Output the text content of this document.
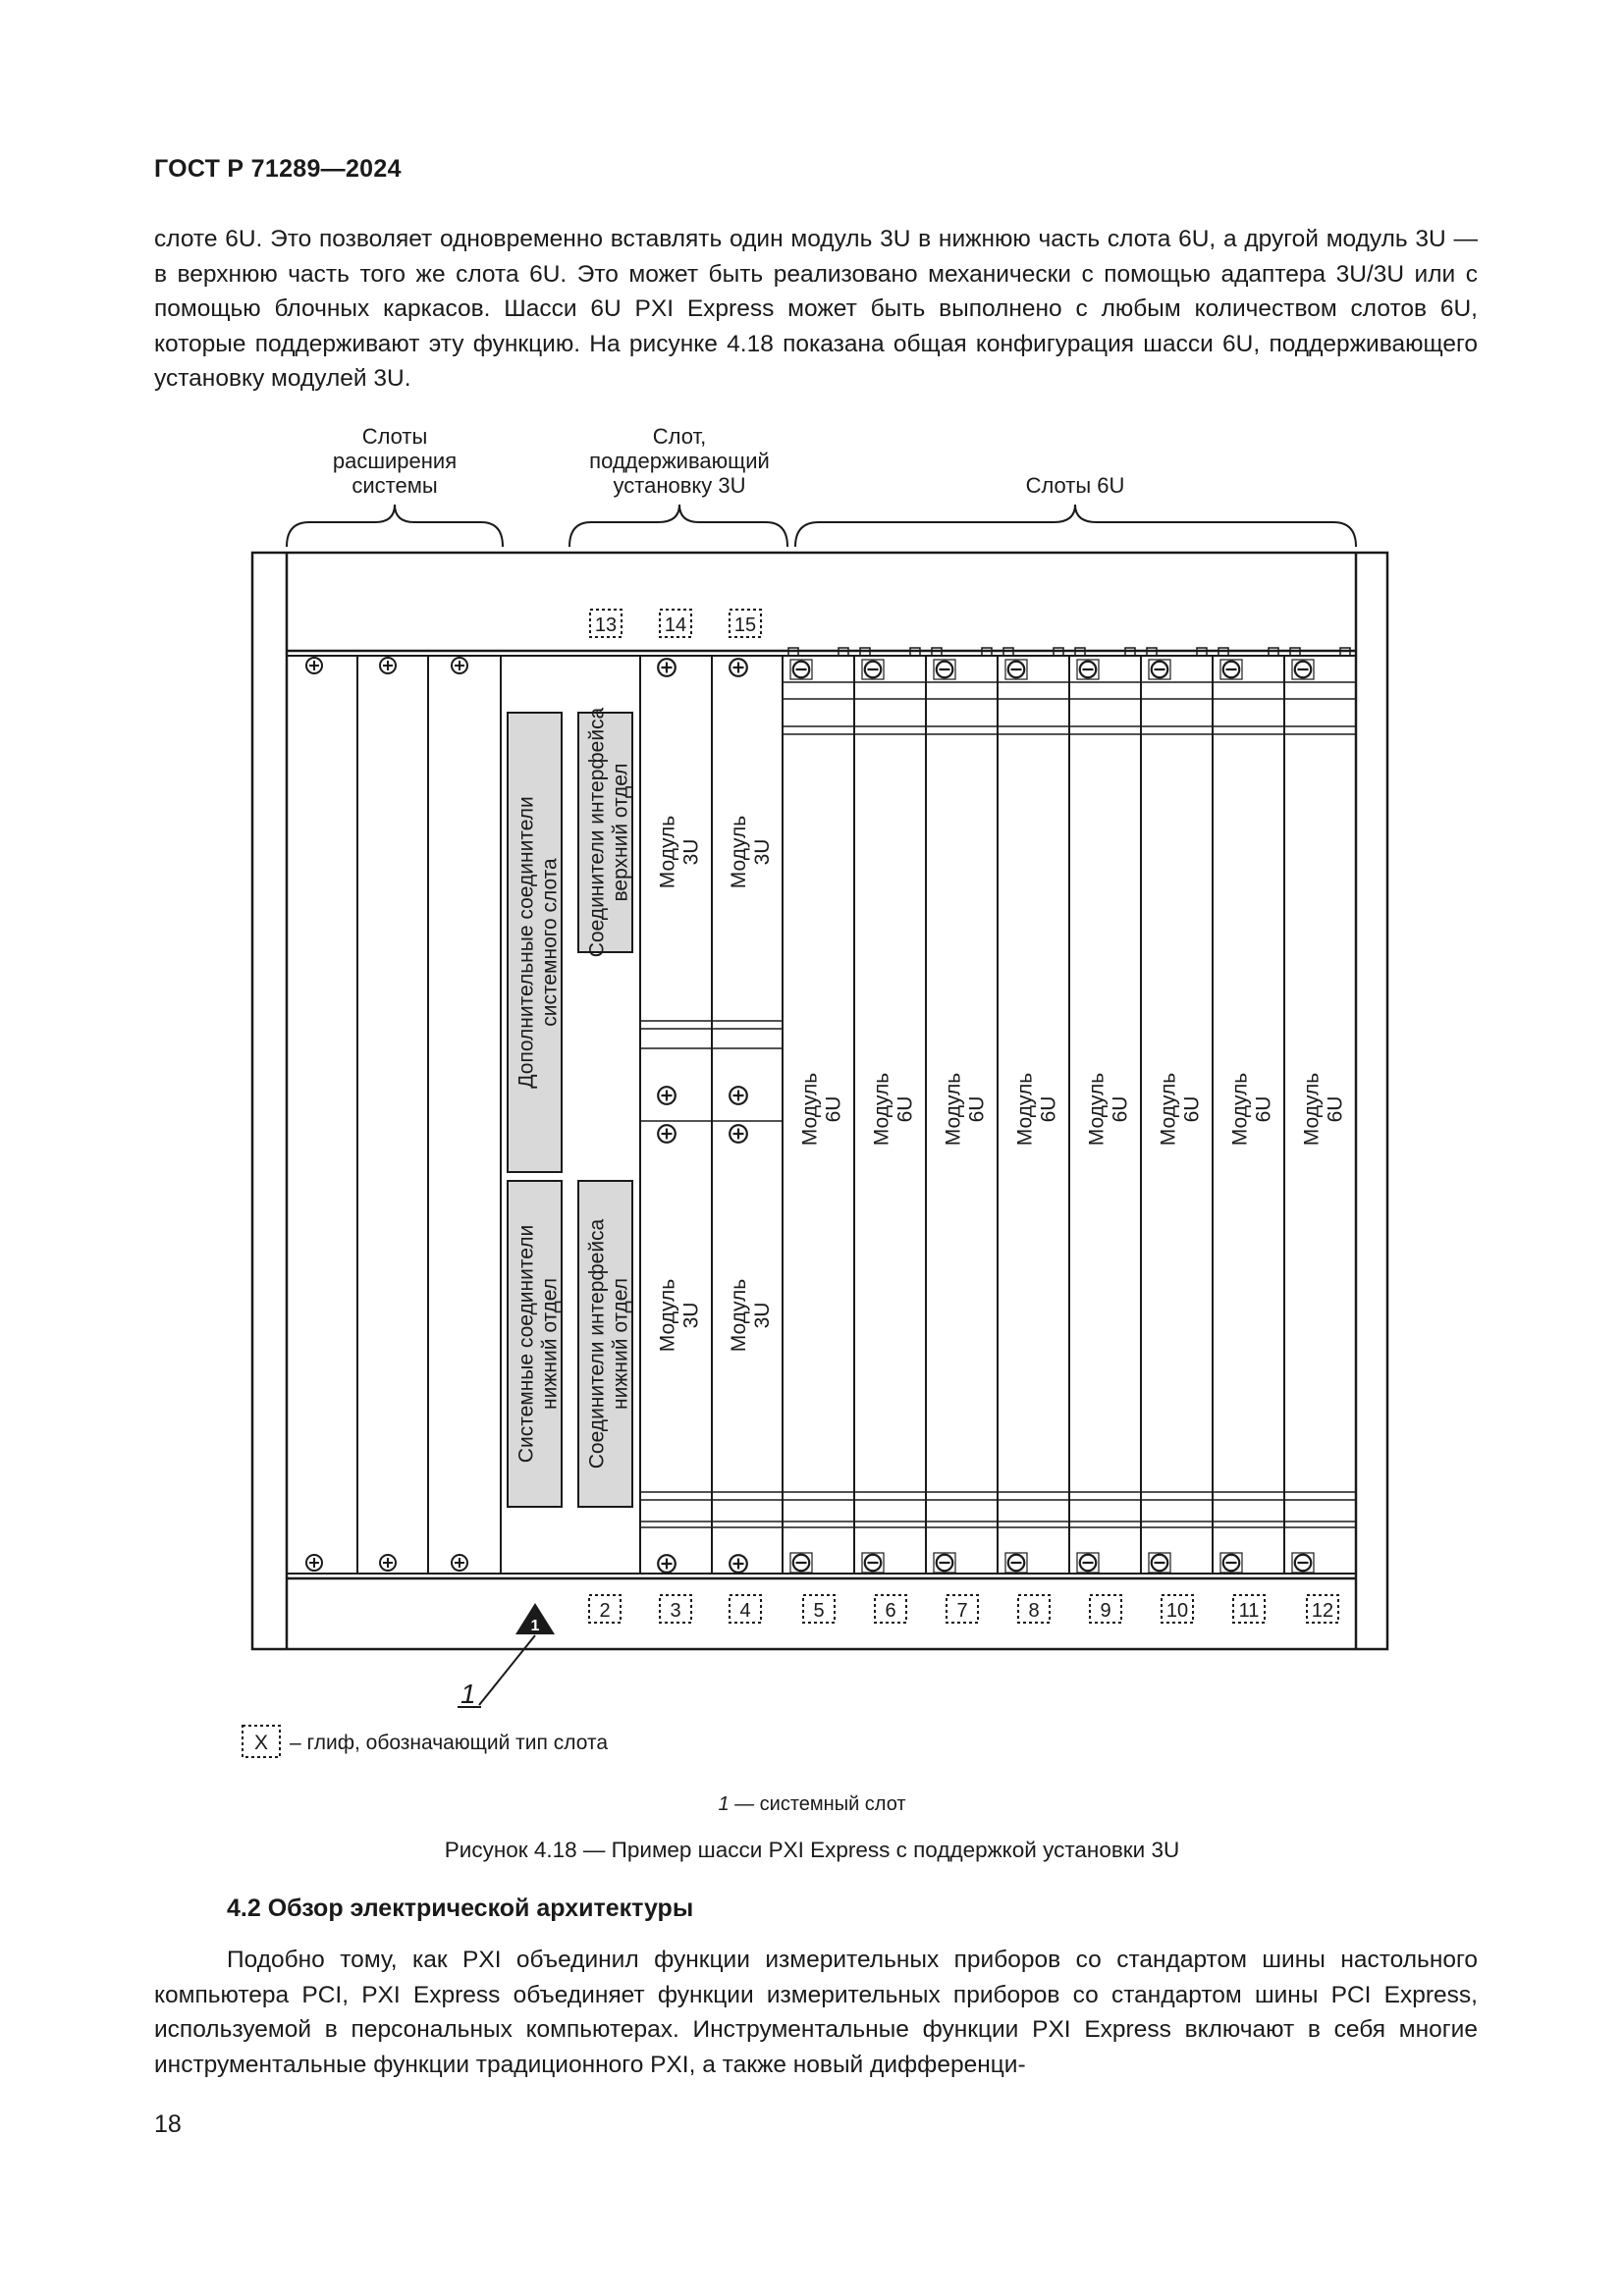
ГОСТ Р 71289—2024
слоте 6U. Это позволяет одновременно вставлять один модуль 3U в нижнюю часть слота 6U, а другой модуль 3U — в верхнюю часть того же слота 6U. Это может быть реализовано механически с помощью адаптера 3U/3U или с помощью блочных каркасов. Шасси 6U PXI Express может быть выполнено с любым количеством слотов 6U, которые поддерживают эту функцию. На рисунке 4.18 показана общая конфигурация шасси 6U, поддерживающего установку модулей 3U.
Слоты
расширения
системы
Слот,
поддерживающий
установку 3U	Слоты 6U
Дополнительные соединителисистемного слота Соединители интерфейсаверхний отдел
Системные соединителинижний отдел Соединители интерфейсанижний отдел
Модуль3U Модуль3U
Модуль3U Модуль3U
Модуль6U Модуль6U Модуль6U Модуль6U Модуль6U Модуль6U Модуль6U Модуль6U
13 14 15
2	3	4	5	6	7	8	9	10	11	12
1
1
X – глиф, обозначающий тип слота
1 — системный слот
Рисунок 4.18 — Пример шасси PXI Express с поддержкой установки 3U
4.2 Обзор электрической архитектуры
Подобно тому, как PXI объединил функции измерительных приборов со стандартом шины настольного компьютера PCI, PXI Express объединяет функции измерительных приборов со стандартом шины PCI Express, используемой в персональных компьютерах. Инструментальные функции PXI Express включают в себя многие инструментальные функции традиционного PXI, а также новый дифференци-
18
